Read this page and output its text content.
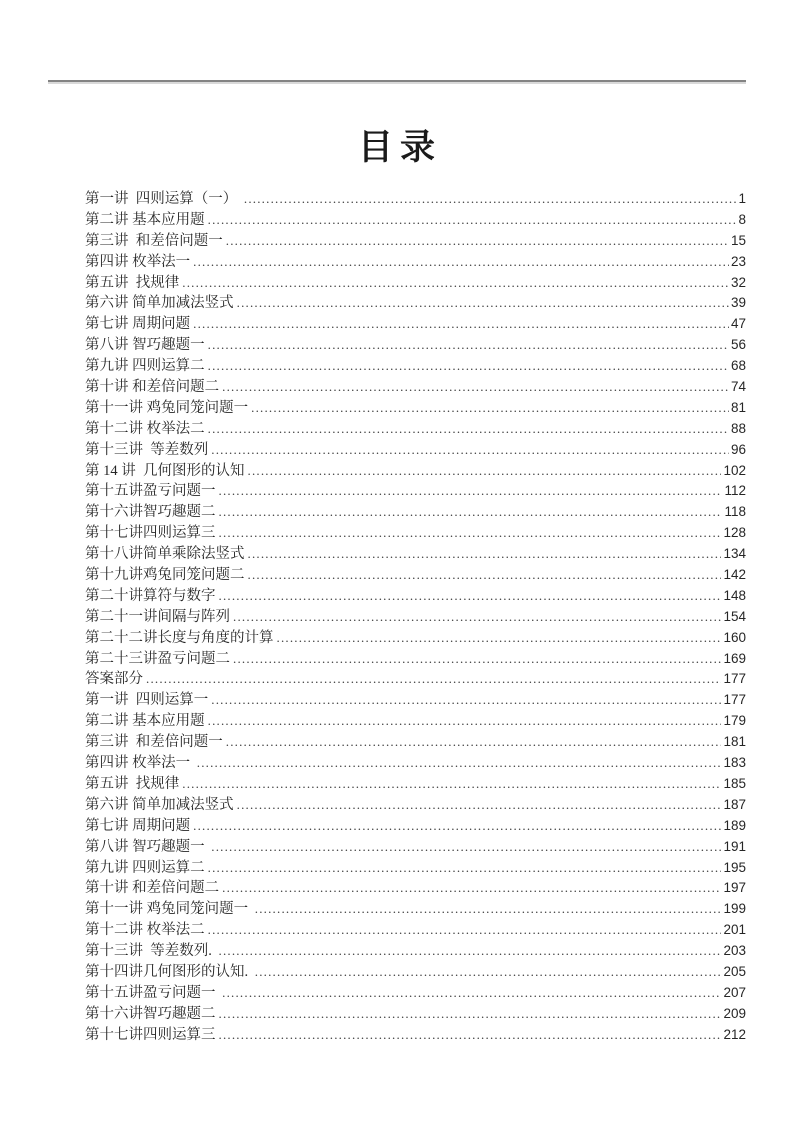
目录
第一讲  四则运算（一） .....	1
第二讲 基本应用题 .....	8
第三讲  和差倍问题一 .....	15
第四讲 枚举法一 .....	23
第五讲  找规律 .....	32
第六讲 简单加减法竖式 .....	39
第七讲 周期问题 .....	47
第八讲 智巧趣题一 .....	56
第九讲 四则运算二 .....	68
第十讲 和差倍问题二 .....	74
第十一讲 鸡兔同笼问题一 .....	81
第十二讲 枚举法二 .....	88
第十三讲  等差数列 .....	96
第 14 讲  几何图形的认知 .....	102
第十五讲盈亏问题一 .....	112
第十六讲智巧趣题二 .....	118
第十七讲四则运算三 .....	128
第十八讲简单乘除法竖式 .....	134
第十九讲鸡兔同笼问题二 .....	142
第二十讲算符与数字 .....	148
第二十一讲间隔与阵列 .....	154
第二十二讲长度与角度的计算 .....	160
第二十三讲盈亏问题二 .....	169
答案部分 .....	177
第一讲  四则运算一 .....	177
第二讲 基本应用题 .....	179
第三讲  和差倍问题一 .....	181
第四讲 枚举法一 .....	183
第五讲  找规律 .....	185
第六讲 简单加减法竖式 .....	187
第七讲 周期问题 .....	189
第八讲 智巧趣题一 .....	191
第九讲 四则运算二 .....	195
第十讲 和差倍问题二 .....	197
第十一讲 鸡兔同笼问题一 .....	199
第十二讲 枚举法二 .....	201
第十三讲  等差数列. .....	203
第十四讲几何图形的认知. .....	205
第十五讲盈亏问题一 .....	207
第十六讲智巧趣题二 .....	209
第十七讲四则运算三 .....	212
